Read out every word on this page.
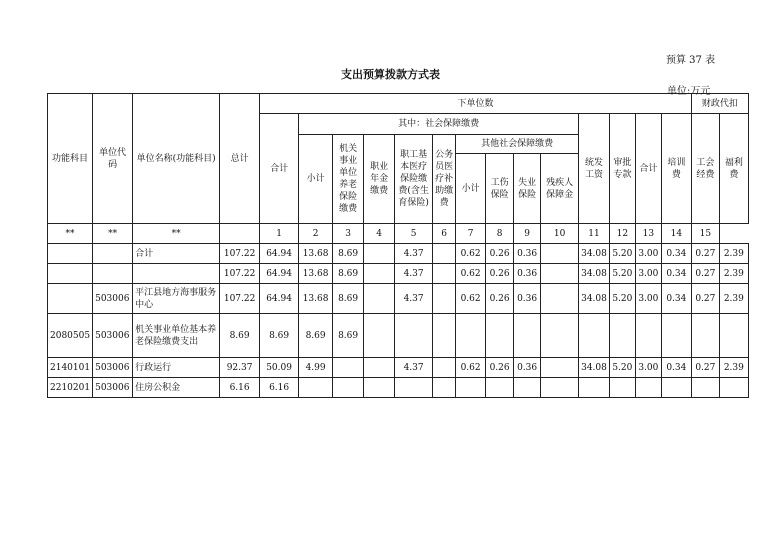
预算 37 表
支出预算拨款方式表
单位:万元
功能科目	单位代码	单位名称(功能科目)	总计	下单位数														财政代扣	
				合计	其中：社会保障缴费									统发工资	审批专款	合计	培训费	工会经费	福利费
					小计	机关事业单位养老保险缴费	职业年金缴费	职工基本医疗保险缴费(含生育保险)	公务员医疗补助缴费	其他社会保障缴费									
										小计	工伤保险	失业保险	残疾人保障金						

**	**	**		1	2	3	4	5	6	7	8	9	10	11	12	13	14	15	
		合计	107.22	64.94	13.68	8.69		4.37		0.62	0.26	0.36		34.08	5.20	3.00	0.34	0.27	2.39
			107.22	64.94	13.68	8.69		4.37		0.62	0.26	0.36		34.08	5.20	3.00	0.34	0.27	2.39
	503006	平江县地方海事服务中心	107.22	64.94	13.68	8.69		4.37		0.62	0.26	0.36		34.08	5.20	3.00	0.34	0.27	2.39
2080505	503006	机关事业单位基本养老保险缴费支出	8.69	8.69	8.69	8.69													
2140101	503006	行政运行	92.37	50.09	4.99			4.37		0.62	0.26	0.36		34.08	5.20	3.00	0.34	0.27	2.39
2210201	503006	住房公积金	6.16	6.16															
